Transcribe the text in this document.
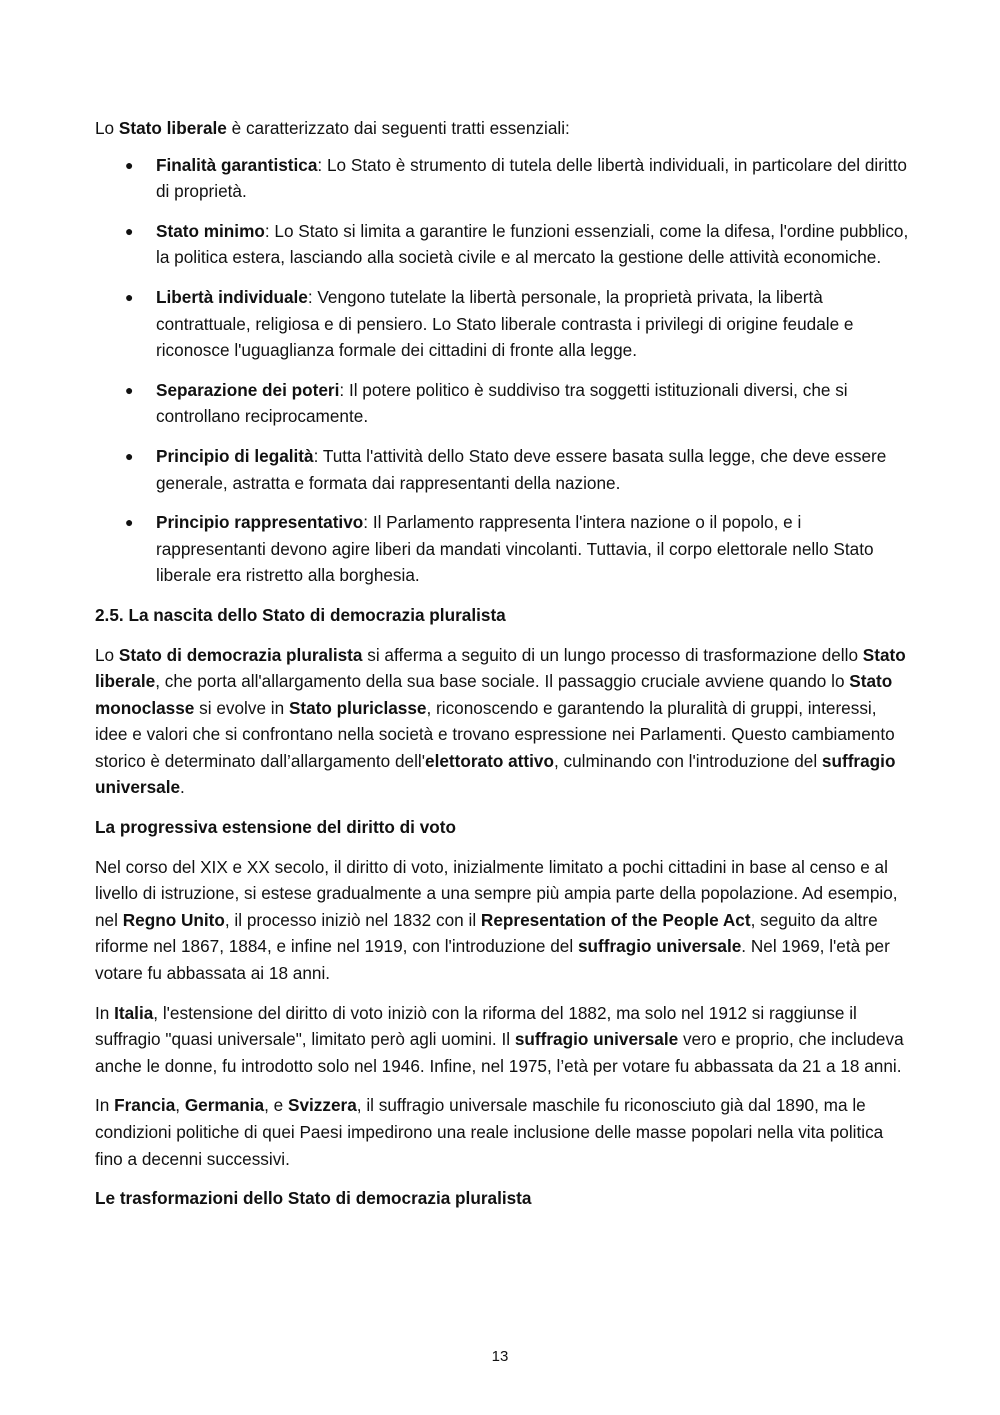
Lo Stato liberale è caratterizzato dai seguenti tratti essenziali:

● Finalità garantistica: Lo Stato è strumento di tutela delle libertà individuali, in particolare del diritto di proprietà.
● Stato minimo: Lo Stato si limita a garantire le funzioni essenziali, come la difesa, l'ordine pubblico, la politica estera, lasciando alla società civile e al mercato la gestione delle attività economiche.
● Libertà individuale: Vengono tutelate la libertà personale, la proprietà privata, la libertà contrattuale, religiosa e di pensiero. Lo Stato liberale contrasta i privilegi di origine feudale e riconosce l'uguaglianza formale dei cittadini di fronte alla legge.
● Separazione dei poteri: Il potere politico è suddiviso tra soggetti istituzionali diversi, che si controllano reciprocamente.
● Principio di legalità: Tutta l'attività dello Stato deve essere basata sulla legge, che deve essere generale, astratta e formata dai rappresentanti della nazione.
● Principio rappresentativo: Il Parlamento rappresenta l'intera nazione o il popolo, e i rappresentanti devono agire liberi da mandati vincolanti. Tuttavia, il corpo elettorale nello Stato liberale era ristretto alla borghesia.

2.5. La nascita dello Stato di democrazia pluralista

Lo Stato di democrazia pluralista si afferma a seguito di un lungo processo di trasformazione dello Stato liberale, che porta all'allargamento della sua base sociale. Il passaggio cruciale avviene quando lo Stato monoclasse si evolve in Stato pluriclasse, riconoscendo e garantendo la pluralità di gruppi, interessi, idee e valori che si confrontano nella società e trovano espressione nei Parlamenti. Questo cambiamento storico è determinato dall’allargamento dell'elettorato attivo, culminando con l'introduzione del suffragio universale.

La progressiva estensione del diritto di voto

Nel corso del XIX e XX secolo, il diritto di voto, inizialmente limitato a pochi cittadini in base al censo e al livello di istruzione, si estese gradualmente a una sempre più ampia parte della popolazione. Ad esempio, nel Regno Unito, il processo iniziò nel 1832 con il Representation of the People Act, seguito da altre riforme nel 1867, 1884, e infine nel 1919, con l'introduzione del suffragio universale. Nel 1969, l'età per votare fu abbassata ai 18 anni.

In Italia, l'estensione del diritto di voto iniziò con la riforma del 1882, ma solo nel 1912 si raggiunse il suffragio "quasi universale", limitato però agli uomini. Il suffragio universale vero e proprio, che includeva anche le donne, fu introdotto solo nel 1946. Infine, nel 1975, l’età per votare fu abbassata da 21 a 18 anni.

In Francia, Germania, e Svizzera, il suffragio universale maschile fu riconosciuto già dal 1890, ma le condizioni politiche di quei Paesi impedirono una reale inclusione delle masse popolari nella vita politica fino a decenni successivi.

Le trasformazioni dello Stato di democrazia pluralista

13
